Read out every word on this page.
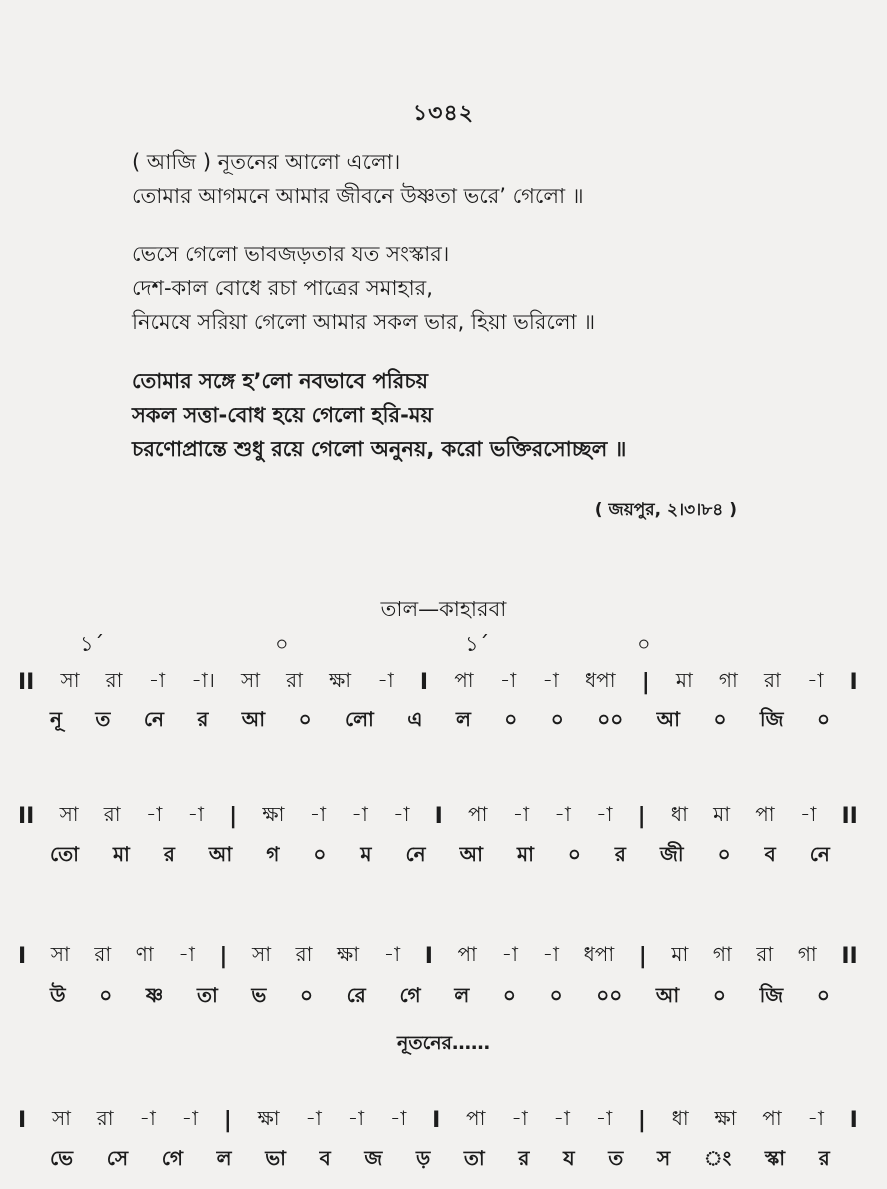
১৩৪২
( আজি ) নূতনের আলো এলো।
তোমার আগমনে আমার জীবনে উষ্ণতা ভরে’ গেলো ॥
ভেসে গেলো ভাবজড়তার যত সংস্কার।
দেশ-কাল বোধে রচা পাত্রের সমাহার,
নিমেষে সরিয়া গেলো আমার সকল ভার, হিয়া ভরিলো ॥
তোমার সঙ্গে হ’লো নবভাবে পরিচয়
সকল সত্তা-বোধ হয়ে গেলো হরি-ময়
চরণোপ্রান্তে শুধু রয়ে গেলো অনুনয়, করো ভক্তিরসোচ্ছল ॥
( জয়পুর, ২।৩।৮৪ )
তাল—কাহারবা
১´	০	১´	০
II সা রা -া -া। সা রা ক্ষা -া I পা -া -া ধপা | মা গা রা -া I
নূ ত নে র আ ০ লো এ ল ০ ০ ০০ আ ০ জি ০
II সা রা -া -া | ক্ষা -া -া -া I পা -া -া -া | ধা মা পা -া II
তো মা র আ গ ০ ম নে আ মা ০ র জী ০ ব নে
I সা রা ণা -া | সা রা ক্ষা -া I পা -া -া ধপা | মা গা রা গা II
উ ০ ষ্ণ তা ভ ০ রে গে ল ০ ০ ০০ আ ০ জি ০
নূতনের……
I সা রা -া -া | ক্ষা -া -া -া I পা -া -া -া | ধা ক্ষা পা -া I
ভে সে গে ল ভা ব জ ড় তা র য ত স ং স্কা র
